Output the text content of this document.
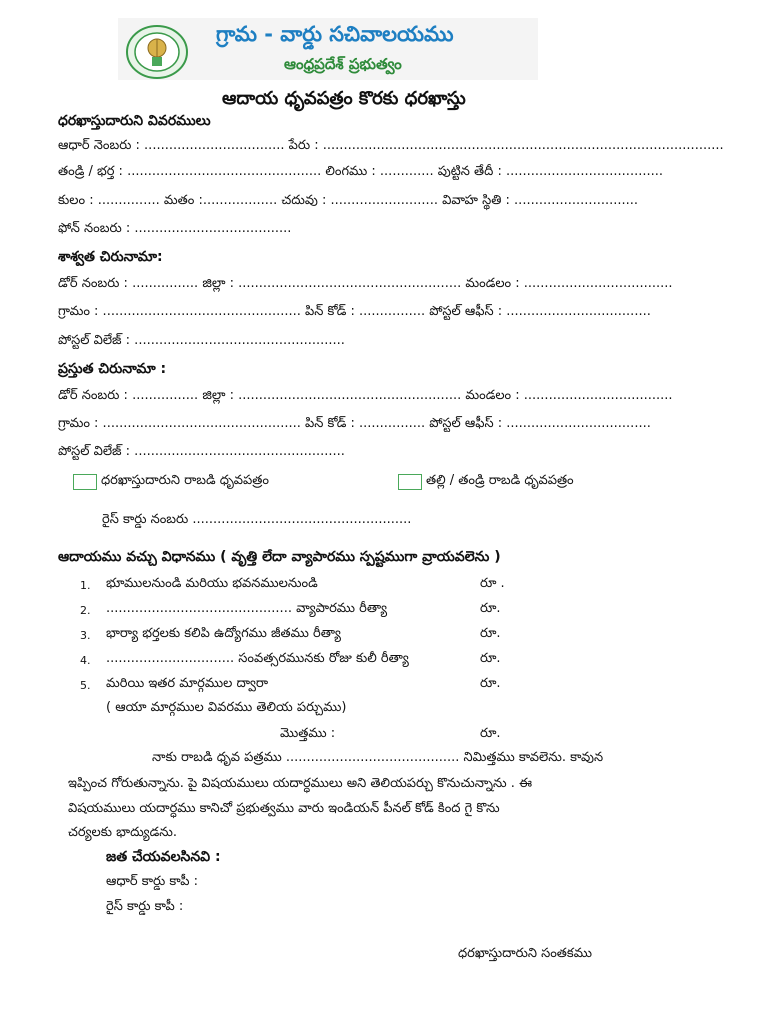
గ్రామ - వార్డు సచివాలయము
ఆంధ్రప్రదేశ్ ప్రభుత్వం
ఆదాయ ధృవపత్రం కొరకు ధరఖాస్తు
ధరఖాస్తుదారుని వివరములు
ఆధార్ నెంబరు : .................................. పేరు : .................................................................................................
తండ్రి / భర్త : ............................................... లింగము : ............. పుట్టిన తేదీ : ......................................
కులం : ............... మతం :.................. చదువు : .......................... వివాహ స్థితి : ..............................
ఫోన్ నంబరు : ......................................
శాశ్వత చిరునామా:
డోర్ నంబరు : ................ జిల్లా : ...................................................... మండలం : ....................................
గ్రామం : ................................................ పిన్ కోడ్ : ................ పోస్టల్ ఆఫీస్ : ...................................
పోస్టల్ విలేజ్ : ...................................................
ప్రస్తుత చిరునామా :
డోర్ నంబరు : ................ జిల్లా : ...................................................... మండలం : ....................................
గ్రామం : ................................................ పిన్ కోడ్ : ................ పోస్టల్ ఆఫీస్ : ...................................
పోస్టల్ విలేజ్ : ...................................................
ధరఖాస్తుదారుని రాబడి ధృవపత్రం	తల్లి / తండ్రి రాబడి ధృవపత్రం
రైస్ కార్డు నంబరు .....................................................
ఆదాయము వచ్చు విధానము ( వృత్తి లేదా వ్యాపారము స్పష్టముగా వ్రాయవలెను )
1. భూములనుండి మరియు భవనములనుండి	రూ .
2. ............................................. వ్యాపారము రీత్యా	రూ.
3. భార్యా భర్తలకు కలిపి ఉద్యోగము జీతము రీత్యా	రూ.
4. ............................... సంవత్సరమునకు రోజు కులీ రీత్యా	రూ.
5. మరియి ఇతర మార్గముల ద్వారా	రూ.
( ఆయా మార్గముల వివరము తెలియ పర్చుము)
మొత్తము :	రూ.
నాకు రాబడి ధృవ పత్రము .......................................... నిమిత్తము కావలెను. కావున
ఇప్పించ గోరుతున్నాను. పై విషయములు యదార్ధములు అని తెలియపర్చు కొనుచున్నాను . ఈ
విషయములు యదార్ధము కానిచో ప్రభుత్వము వారు ఇండియన్ పీనల్ కోడ్ కింద గై కొను
చర్యలకు భాద్యుడను.
జత చేయవలసినవి :
ఆధార్ కార్డు కాపీ :
రైస్ కార్డు కాపీ :
ధరఖాస్తుదారుని సంతకము
